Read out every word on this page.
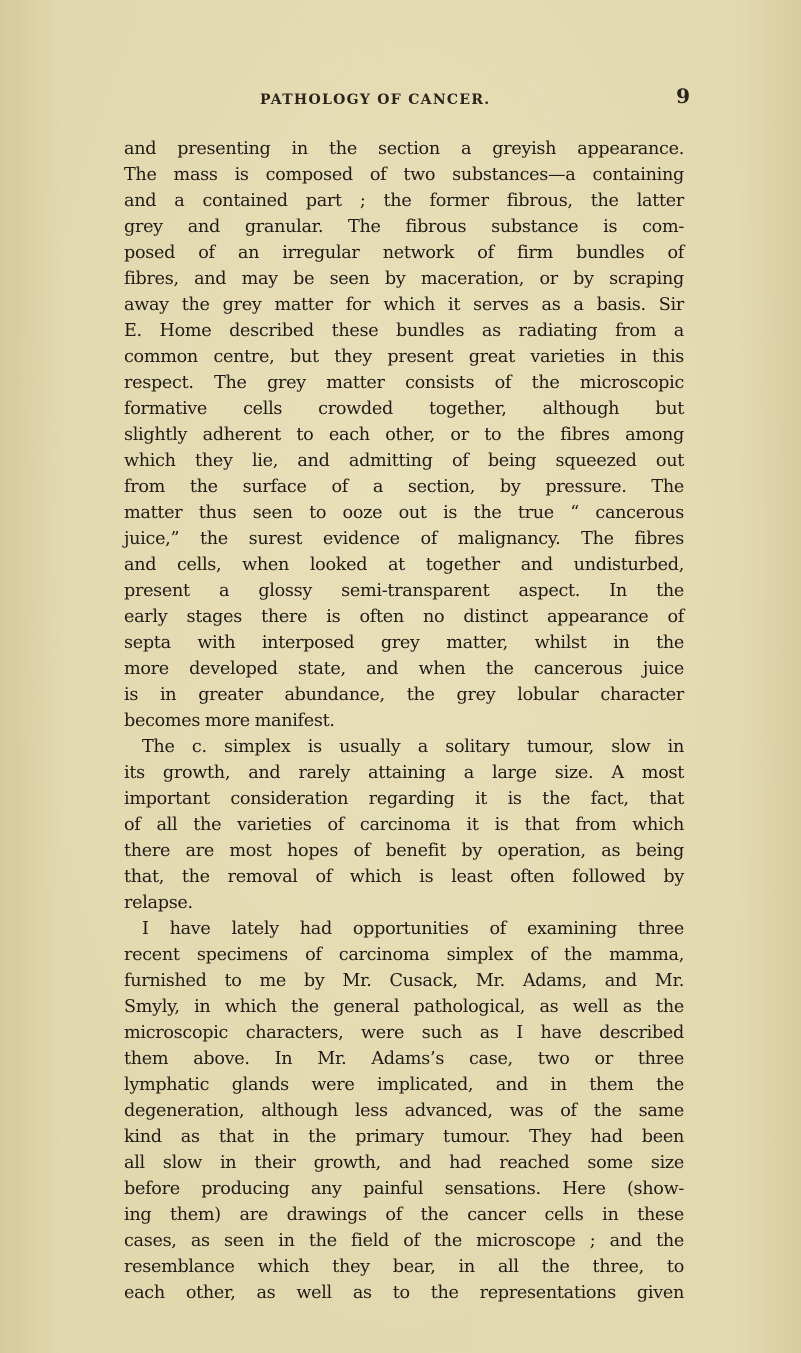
PATHOLOGY OF CANCER.	9
and presenting in the section a greyish appearance.
The mass is composed of two substances—a containing
and a contained part ; the former fibrous, the latter
grey and granular. The fibrous substance is com-
posed of an irregular network of firm bundles of
fibres, and may be seen by maceration, or by scraping
away the grey matter for which it serves as a basis. Sir
E. Home described these bundles as radiating from a
common centre, but they present great varieties in this
respect. The grey matter consists of the microscopic
formative cells crowded together, although but
slightly adherent to each other, or to the fibres among
which they lie, and admitting of being squeezed out
from the surface of a section, by pressure. The
matter thus seen to ooze out is the true “ cancerous
juice,” the surest evidence of malignancy. The fibres
and cells, when looked at together and undisturbed,
present a glossy semi-transparent aspect. In the
early stages there is often no distinct appearance of
septa with interposed grey matter, whilst in the
more developed state, and when the cancerous juice
is in greater abundance, the grey lobular character
becomes more manifest.
The c. simplex is usually a solitary tumour, slow in
its growth, and rarely attaining a large size. A most
important consideration regarding it is the fact, that
of all the varieties of carcinoma it is that from which
there are most hopes of benefit by operation, as being
that, the removal of which is least often followed by
relapse.
I have lately had opportunities of examining three
recent specimens of carcinoma simplex of the mamma,
furnished to me by Mr. Cusack, Mr. Adams, and Mr.
Smyly, in which the general pathological, as well as the
microscopic characters, were such as I have described
them above. In Mr. Adams’s case, two or three
lymphatic glands were implicated, and in them the
degeneration, although less advanced, was of the same
kind as that in the primary tumour. They had been
all slow in their growth, and had reached some size
before producing any painful sensations. Here (show-
ing them) are drawings of the cancer cells in these
cases, as seen in the field of the microscope ; and the
resemblance which they bear, in all the three, to
each other, as well as to the representations given
